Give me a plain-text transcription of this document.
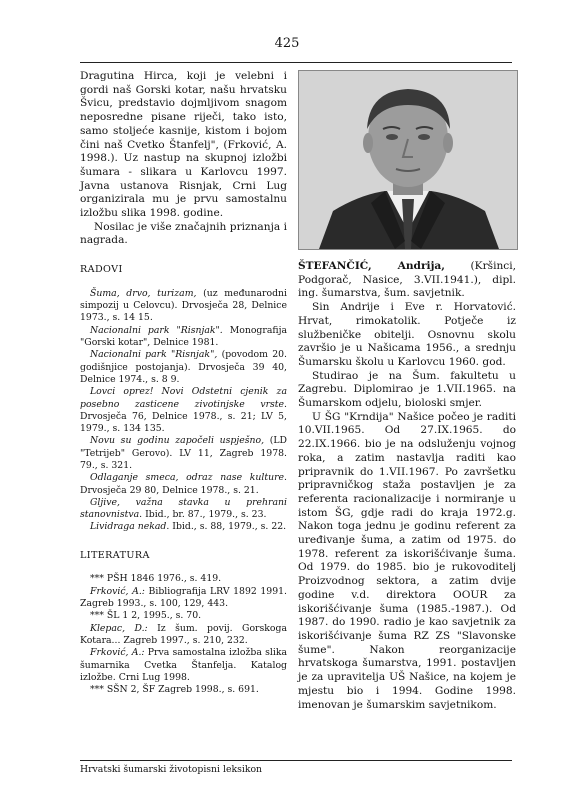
425

Dragutina Hirca, koji je velebni i gordi naš Gorski kotar, našu hrvatsku Švicu, predstavio dojmljivom snagom neposredne pisane riječi, tako isto, samo stoljeće kasnije, kistom i bojom čini naš Cvetko Štanfelj", (Frković, A. 1998.). Uz nastup na skupnoj izložbi šumara - slikara u Karlovcu 1997. Javna ustanova Risnjak, Crni Lug organizirala mu je prvu samostalnu izložbu slika 1998. godine.

Nosilac je više značajnih priznanja i nagrada.

RADOVI

Šuma, drvo, turizam, (uz međunarodni simpozij u Celovcu). Drvosječa 28, Delnice 1973., s. 14 15.

Nacionalni park "Risnjak". Monografija "Gorski kotar", Delnice 1981.

Nacionalni park "Risnjak", (povodom 20. godišnjice postojanja). Drvosječa 39 40, Delnice 1974., s. 8 9.

Lovci oprez! Novi Odstetni cjenik za posebno zasticene zivotinjske vrste. Drvosječa 76, Delnice 1978., s. 21; LV 5, 1979., s. 134 135.

Novu su godinu započeli uspješno, (LD "Tetrijeb" Gerovo). LV 11, Zagreb 1978. 79., s. 321.

Odlaganje smeca, odraz nase kulture. Drvosječa 29 80, Delnice 1978., s. 21.

Gljive, važna stavka u prehrani stanovnistva. Ibid., br. 87., 1979., s. 23.

Lividraga nekad. Ibid., s. 88, 1979., s. 22.

LITERATURA

*** PŠH 1846 1976., s. 419.

Frković, A.: Bibliografija LRV 1892 1991. Zagreb 1993., s. 100, 129, 443.

*** ŠL 1 2, 1995., s. 70.

Klepac, D.: Iz šum. povij. Gorskoga Kotara... Zagreb 1997., s. 210, 232.

Frković, A.: Prva samostalna izložba slika šumarnika Cvetka Štanfelja. Katalog izložbe. Crni Lug 1998.

*** SŠN 2, ŠF Zagreb 1998., s. 691.

ŠTEFANČIĆ, Andrija, (Kršinci, Podgorač, Nasice, 3.VII.1941.), dipl. ing. šumarstva, šum. savjetnik.

Sin Andrije i Eve r. Horvatović. Hrvat, rimokatolik. Potječe iz službeničke obitelji. Osnovnu skolu završio je u Našicama 1956., a srednju Šumarsku školu u Karlovcu 1960. god.

Studirao je na Šum. fakultetu u Zagrebu. Diplomirao je 1.VII.1965. na Šumarskom odjelu, bioloski smjer.

U ŠG "Krndija" Našice počeo je raditi 10.VII.1965. Od 27.IX.1965. do 22.IX.1966. bio je na odsluženju vojnog roka, a zatim nastavlja raditi kao pripravnik do 1.VII.1967. Po završetku pripravničkog staža postavljen je za referenta racionalizacije i normiranje u istom ŠG, gdje radi do kraja 1972.g. Nakon toga jednu je godinu referent za uređivanje šuma, a zatim od 1975. do 1978. referent za iskorišćivanje šuma. Od 1979. do 1985. bio je rukovoditelj Proizvodnog sektora, a zatim dvije godine v.d. direktora OOUR za iskorišćivanje šuma (1985.-1987.). Od 1987. do 1990. radio je kao savjetnik za iskorišćivanje šuma RZ ZS "Slavonske šume". Nakon reorganizacije hrvatskoga šumarstva, 1991. postavljen je za upravitelja UŠ Našice, na kojem je mjestu bio i 1994. Godine 1998. imenovan je šumarskim savjetnikom.

Hrvatski šumarski životopisni leksikon
